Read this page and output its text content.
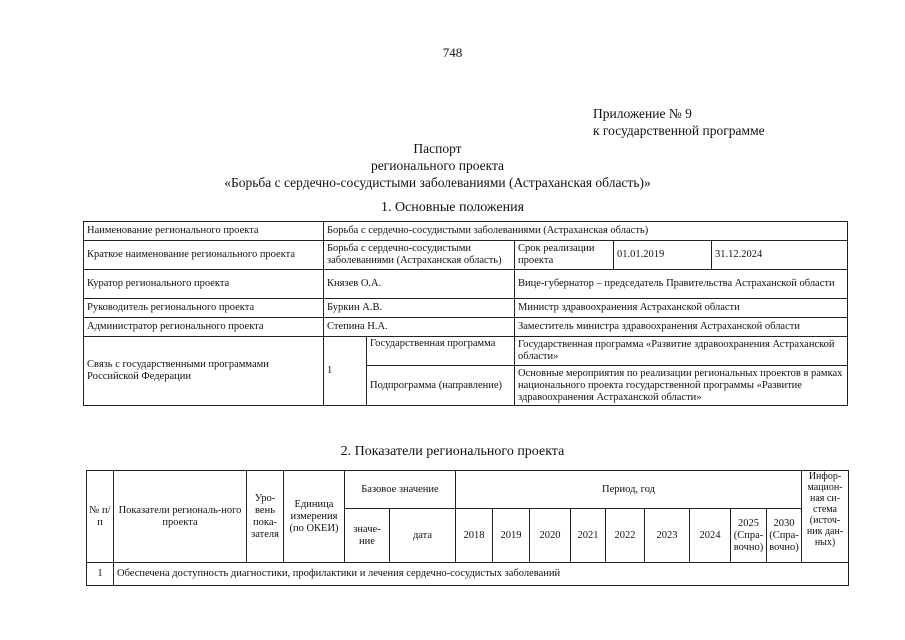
748
Приложение № 9
к государственной программе
Паспорт
регионального проекта
«Борьба с сердечно-сосудистыми заболеваниями (Астраханская область)»
1. Основные положения
Наименование регионального проекта	Борьба с сердечно-сосудистыми заболеваниями (Астраханская область)				
Краткое наименование регионального проекта	Борьба с сердечно-сосудистыми заболеваниями (Астраханская область)		Срок реализации проекта	01.01.2019	31.12.2024
Куратор регионального проекта	Князев О.А.		Вице-губернатор – председатель Правительства Астраханской области		
Руководитель регионального проекта	Буркин А.В.		Министр здравоохранения Астраханской области		
Администратор регионального проекта	Степина Н.А.		Заместитель министра здравоохранения Астраханской области		
Связь с государственными программами Российской Федерации	1	Государственная программа	Государственная программа «Развитие здравоохранения Астраханской области»		
		Подпрограмма (направление)	Основные мероприятия по реализации региональных проектов в рамках национального проекта государственной программы «Развитие здравоохранения Астраханской области»		
2. Показатели регионального проекта
№ п/п	Показатели региональ-ного проекта	Уро-вень пока-зателя	Единица измерения (по ОКЕИ)	Базовое значение		Период, год									Инфор-мацион-ная си-стема (источ-ник дан-ных)
				значе-ние	дата	2018	2019	2020	2021	2022	2023	2024	2025 (Спра-вочно)	2030 (Спра-вочно)	
1	Обеспечена доступность диагностики, профилактики и лечения сердечно-сосудистых заболеваний														
